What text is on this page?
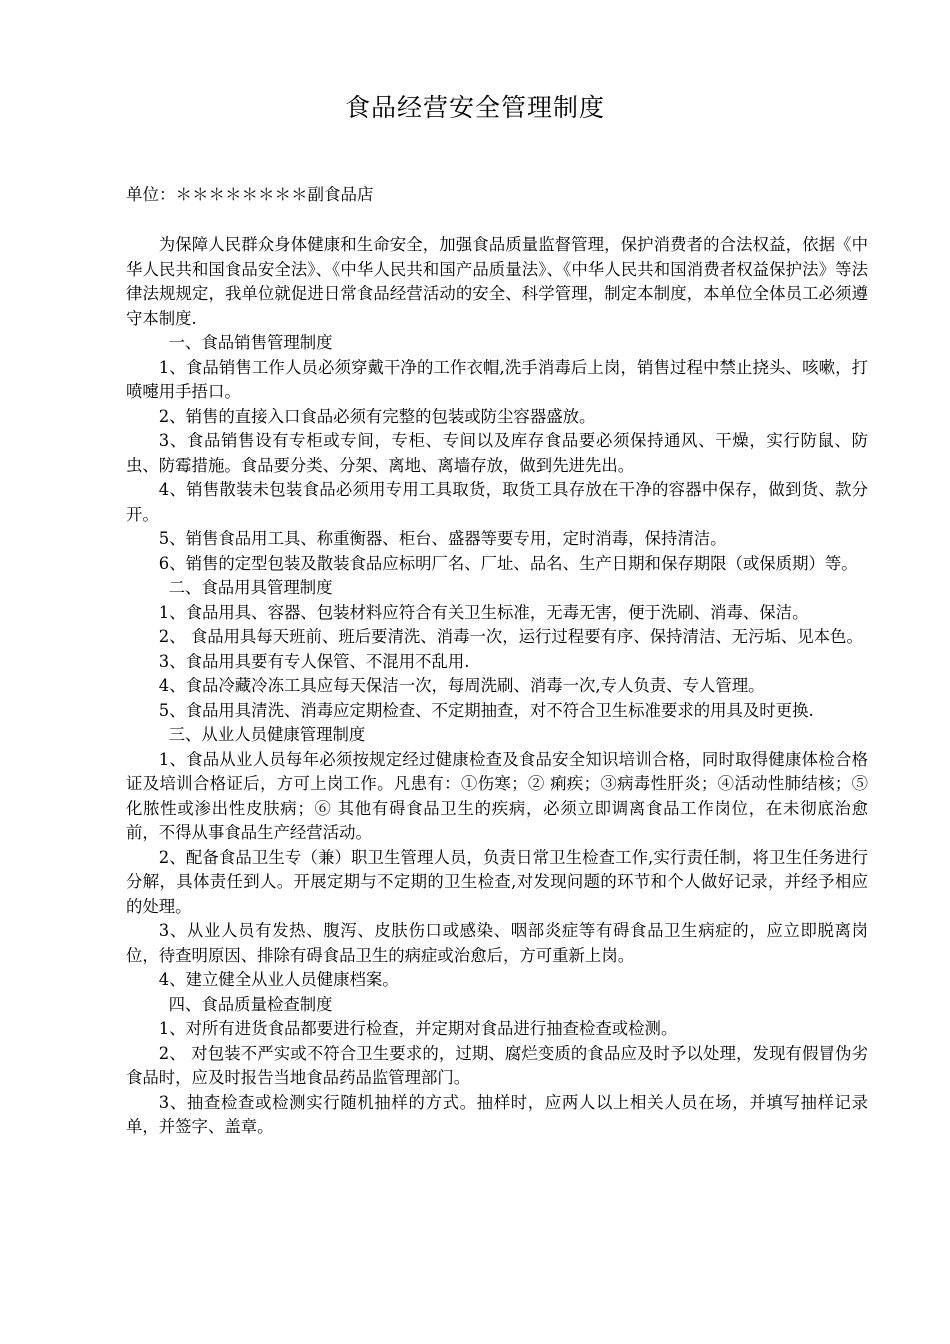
食品经营安全管理制度

单位：＊＊＊＊＊＊＊＊副食品店

为保障人民群众身体健康和生命安全，加强食品质量监督管理，保护消费者的合法权益，依据《中华人民共和国食品安全法》、《中华人民共和国产品质量法》、《中华人民共和国消费者权益保护法》等法律法规规定，我单位就促进日常食品经营活动的安全、科学管理，制定本制度，本单位全体员工必须遵守本制度.

一、食品销售管理制度

1、食品销售工作人员必须穿戴干净的工作衣帽,洗手消毒后上岗，销售过程中禁止挠头、咳嗽，打喷嚏用手捂口。

2、销售的直接入口食品必须有完整的包装或防尘容器盛放。

3、食品销售设有专柜或专间，专柜、专间以及库存食品要必须保持通风、干燥，实行防鼠、防虫、防霉措施。食品要分类、分架、离地、离墙存放，做到先进先出。

4、销售散装未包装食品必须用专用工具取货，取货工具存放在干净的容器中保存，做到货、款分开。

5、销售食品用工具、称重衡器、柜台、盛器等要专用，定时消毒，保持清洁。

6、销售的定型包装及散装食品应标明厂名、厂址、品名、生产日期和保存期限（或保质期）等。

二、食品用具管理制度

1、食品用具、容器、包装材料应符合有关卫生标准，无毒无害，便于洗刷、消毒、保洁。

2、 食品用具每天班前、班后要清洗、消毒一次，运行过程要有序、保持清洁、无污垢、见本色。

3、食品用具要有专人保管、不混用不乱用.

4、食品冷藏冷冻工具应每天保洁一次，每周洗刷、消毒一次,专人负责、专人管理。

5、食品用具清洗、消毒应定期检查、不定期抽查，对不符合卫生标准要求的用具及时更换.

三、从业人员健康管理制度

1、食品从业人员每年必须按规定经过健康检查及食品安全知识培训合格，同时取得健康体检合格证及培训合格证后，方可上岗工作。凡患有：①伤寒；② 痢疾；③病毒性肝炎；④活动性肺结核；⑤化脓性或渗出性皮肤病；⑥ 其他有碍食品卫生的疾病，必须立即调离食品工作岗位，在未彻底治愈前，不得从事食品生产经营活动。

2、配备食品卫生专（兼）职卫生管理人员，负责日常卫生检查工作,实行责任制，将卫生任务进行分解，具体责任到人。开展定期与不定期的卫生检查,对发现问题的环节和个人做好记录，并经予相应的处理。

3、从业人员有发热、腹泻、皮肤伤口或感染、咽部炎症等有碍食品卫生病症的，应立即脱离岗位，待查明原因、排除有碍食品卫生的病症或治愈后，方可重新上岗。

4、建立健全从业人员健康档案。

四、食品质量检查制度

1、对所有进货食品都要进行检查，并定期对食品进行抽查检查或检测。

2、 对包装不严实或不符合卫生要求的，过期、腐烂变质的食品应及时予以处理，发现有假冒伪劣食品时，应及时报告当地食品药品监管理部门。

3、抽查检查或检测实行随机抽样的方式。抽样时，应两人以上相关人员在场，并填写抽样记录单，并签字、盖章。
